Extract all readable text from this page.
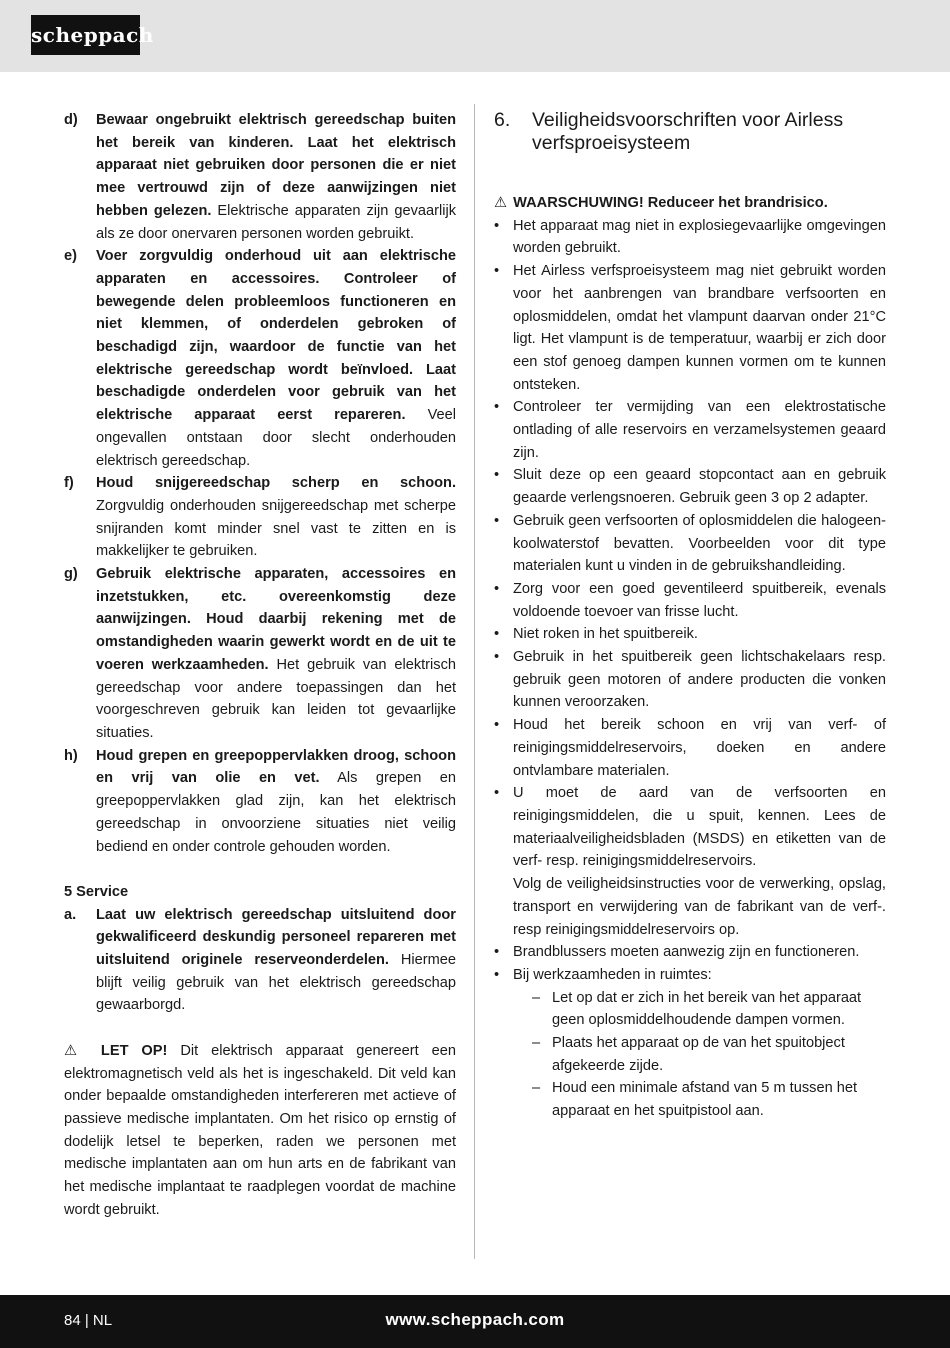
scheppach
d)	Bewaar ongebruikt elektrisch gereedschap buiten het bereik van kinderen. Laat het elektrisch apparaat niet gebruiken door personen die er niet mee vertrouwd zijn of deze aanwijzingen niet hebben gelezen. Elektrische apparaten zijn gevaarlijk als ze door onervaren personen worden gebruikt.
e)	Voer zorgvuldig onderhoud uit aan elektrische apparaten en accessoires. Controleer of bewegende delen probleemloos functioneren en niet klemmen, of onderdelen gebroken of beschadigd zijn, waardoor de functie van het elektrische gereedschap wordt beïnvloed. Laat beschadigde onderdelen voor gebruik van het elektrische apparaat eerst repareren. Veel ongevallen ontstaan door slecht onderhouden elektrisch gereedschap.
f)	Houd snijgereedschap scherp en schoon. Zorgvuldig onderhouden snijgereedschap met scherpe snijranden komt minder snel vast te zitten en is makkelijker te gebruiken.
g)	Gebruik elektrische apparaten, accessoires en inzetstukken, etc. overeenkomstig deze aanwijzingen. Houd daarbij rekening met de omstandigheden waarin gewerkt wordt en de uit te voeren werkzaamheden. Het gebruik van elektrisch gereedschap voor andere toepassingen dan het voorgeschreven gebruik kan leiden tot gevaarlijke situaties.
h)	Houd grepen en greepoppervlakken droog, schoon en vrij van olie en vet. Als grepen en greepoppervlakken glad zijn, kan het elektrisch gereedschap in onvoorziene situaties niet veilig bediend en onder controle gehouden worden.
5 Service
a.	Laat uw elektrisch gereedschap uitsluitend door gekwalificeerd deskundig personeel repareren met uitsluitend originele reserveonderdelen. Hiermee blijft veilig gebruik van het elektrisch gereedschap gewaarborgd.
⚠ LET OP! Dit elektrisch apparaat genereert een elektromagnetisch veld als het is ingeschakeld. Dit veld kan onder bepaalde omstandigheden interfereren met actieve of passieve medische implantaten. Om het risico op ernstig of dodelijk letsel te beperken, raden we personen met medische implantaten aan om hun arts en de fabrikant van het medische implantaat te raadplegen voordat de machine wordt gebruikt.
6.	Veiligheidsvoorschriften voor Airless verfsproeisysteem
⚠ WAARSCHUWING! Reduceer het brandrisico.
• Het apparaat mag niet in explosiegevaarlijke omgevingen worden gebruikt.
• Het Airless verfsproeisysteem mag niet gebruikt worden voor het aanbrengen van brandbare verfsoorten en oplosmiddelen, omdat het vlampunt daarvan onder 21°C ligt. Het vlampunt is de temperatuur, waarbij er zich door een stof genoeg dampen kunnen vormen om te kunnen ontsteken.
• Controleer ter vermijding van een elektrostatische ontlading of alle reservoirs en verzamelsystemen geaard zijn.
• Sluit deze op een geaard stopcontact aan en gebruik geaarde verlengsnoeren. Gebruik geen 3 op 2 adapter.
• Gebruik geen verfsoorten of oplosmiddelen die halogeen-koolwaterstof bevatten. Voorbeelden voor dit type materialen kunt u vinden in de gebruikshandleiding.
• Zorg voor een goed geventileerd spuitbereik, evenals voldoende toevoer van frisse lucht.
• Niet roken in het spuitbereik.
• Gebruik in het spuitbereik geen lichtschakelaars resp. gebruik geen motoren of andere producten die vonken kunnen veroorzaken.
• Houd het bereik schoon en vrij van verf- of reinigingsmiddelreservoirs, doeken en andere ontvlambare materialen.
• U moet de aard van de verfsoorten en reinigingsmiddelen, die u spuit, kennen. Lees de materiaalveiligheidsbladen (MSDS) en etiketten van de verf- resp. reinigingsmiddelreservoirs.
Volg de veiligheidsinstructies voor de verwerking, opslag, transport en verwijdering van de fabrikant van de verf-. resp reinigingsmiddelreservoirs op.
• Brandblussers moeten aanwezig zijn en functioneren.
• Bij werkzaamheden in ruimtes:
– Let op dat er zich in het bereik van het apparaat geen oplosmiddelhoudende dampen vormen.
– Plaats het apparaat op de van het spuitobject afgekeerde zijde.
– Houd een minimale afstand van 5 m tussen het apparaat en het spuitpistool aan.
84 | NL	www.scheppach.com
